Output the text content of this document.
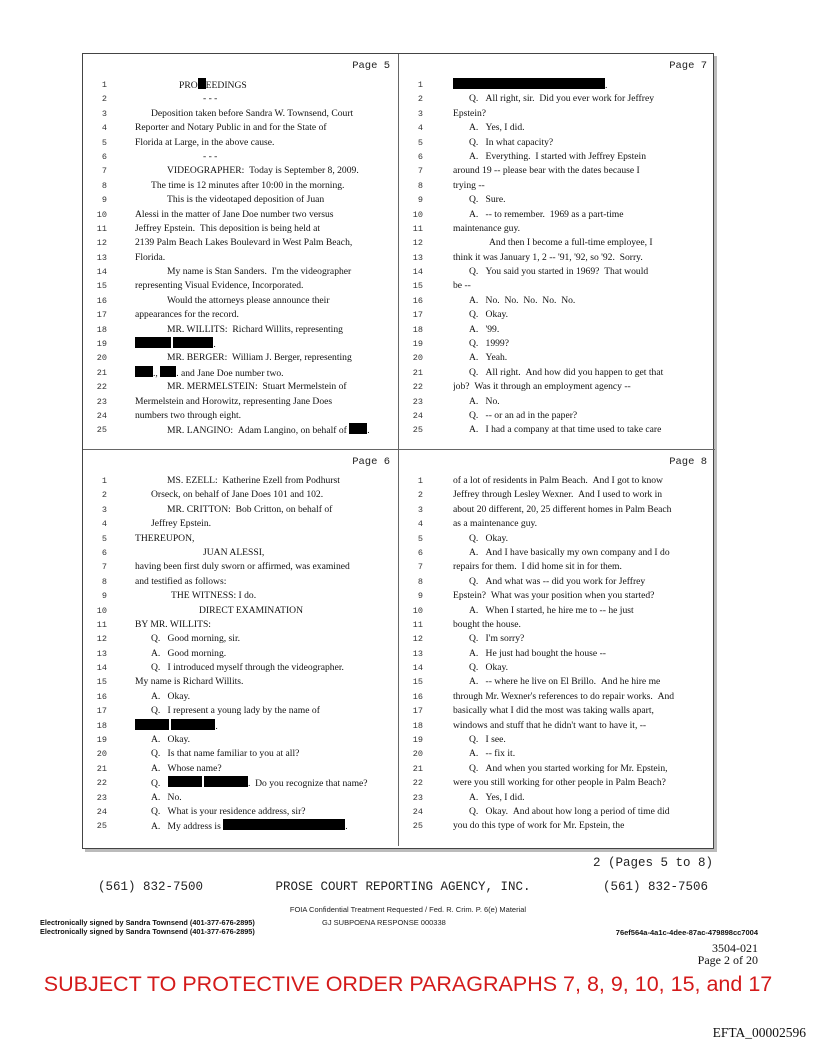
Page 5
1	PRO EEDINGS
2	- - -
3	Deposition taken before Sandra W. Townsend, Court
4	Reporter and Notary Public in and for the State of
5	Florida at Large, in the above cause.
6	- - -
7	VIDEOGRAPHER:  Today is September 8, 2009.
8	The time is 12 minutes after 10:00 in the morning.
9	This is the videotaped deposition of Juan
10	Alessi in the matter of Jane Doe number two versus
11	Jeffrey Epstein.  This deposition is being held at
12	2139 Palm Beach Lakes Boulevard in West Palm Beach,
13	Florida.
14	My name is Stan Sanders.  I'm the videographer
15	representing Visual Evidence, Incorporated.
16	Would the attorneys please announce their
17	appearances for the record.
18	MR. WILLITS:  Richard Willits, representing
19	.
20	MR. BERGER:  William J. Berger, representing
21	., . and Jane Doe number two.
22	MR. MERMELSTEIN:  Stuart Mermelstein of
23	Mermelstein and Horowitz, representing Jane Does
24	numbers two through eight.
25	MR. LANGINO:  Adam Langino, on behalf of .
Page 7
1	.
2	Q.   All right, sir.  Did you ever work for Jeffrey
3	Epstein?
4	A.   Yes, I did.
5	Q.   In what capacity?
6	A.   Everything.  I started with Jeffrey Epstein
7	around 19 -- please bear with the dates because I
8	trying --
9	Q.   Sure.
10	A.   -- to remember.  1969 as a part-time
11	maintenance guy.
12	And then I become a full-time employee, I
13	think it was January 1, 2 -- '91, '92, so '92.  Sorry.
14	Q.   You said you started in 1969?  That would
15	be --
16	A.   No.  No.  No.  No.  No.
17	Q.   Okay.
18	A.   '99.
19	Q.   1999?
20	A.   Yeah.
21	Q.   All right.  And how did you happen to get that
22	job?  Was it through an employment agency --
23	A.   No.
24	Q.   -- or an ad in the paper?
25	A.   I had a company at that time used to take care
Page 6
1	MS. EZELL:  Katherine Ezell from Podhurst
2	Orseck, on behalf of Jane Does 101 and 102.
3	MR. CRITTON:  Bob Critton, on behalf of
4	Jeffrey Epstein.
5	THEREUPON,
6	JUAN ALESSI,
7	having been first duly sworn or affirmed, was examined
8	and testified as follows:
9	THE WITNESS: I do.
10	DIRECT EXAMINATION
11	BY MR. WILLITS:
12	Q.   Good morning, sir.
13	A.   Good morning.
14	Q.   I introduced myself through the videographer.
15	My name is Richard Willits.
16	A.   Okay.
17	Q.   I represent a young lady by the name of
18	.
19	A.   Okay.
20	Q.   Is that name familiar to you at all?
21	A.   Whose name?
22	Q.	.  Do you recognize that name?
23	A.   No.
24	Q.   What is your residence address, sir?
25	A.   My address is	.
Page 8
1	of a lot of residents in Palm Beach.  And I got to know
2	Jeffrey through Lesley Wexner.  And I used to work in
3	about 20 different, 20, 25 different homes in Palm Beach
4	as a maintenance guy.
5	Q.   Okay.
6	A.   And I have basically my own company and I do
7	repairs for them.  I did home sit in for them.
8	Q.   And what was -- did you work for Jeffrey
9	Epstein?  What was your position when you started?
10	A.   When I started, he hire me to -- he just
11	bought the house.
12	Q.   I'm sorry?
13	A.   He just had bought the house --
14	Q.   Okay.
15	A.   -- where he live on El Brillo.  And he hire me
16	through Mr. Wexner's references to do repair works.  And
17	basically what I did the most was taking walls apart,
18	windows and stuff that he didn't want to have it, --
19	Q.   I see.
20	A.   -- fix it.
21	Q.   And when you started working for Mr. Epstein,
22	were you still working for other people in Palm Beach?
23	A.   Yes, I did.
24	Q.   Okay.  And about how long a period of time did
25	you do this type of work for Mr. Epstein, the
2 (Pages 5 to 8)
(561) 832-7500	PROSE COURT REPORTING AGENCY, INC.	(561) 832-7506
FOIA Confidential Treatment Requested / Fed. R. Crim. P. 6(e) Material
Electronically signed by Sandra Townsend (401-377-676-2895)
Electronically signed by Sandra Townsend (401-377-676-2895)
GJ SUBPOENA RESPONSE 000338
76ef564a-4a1c-4dee-87ac-479898cc7004
3504-021
Page 2 of 20
SUBJECT TO PROTECTIVE ORDER PARAGRAPHS 7, 8, 9, 10, 15, and 17
EFTA_00002596
